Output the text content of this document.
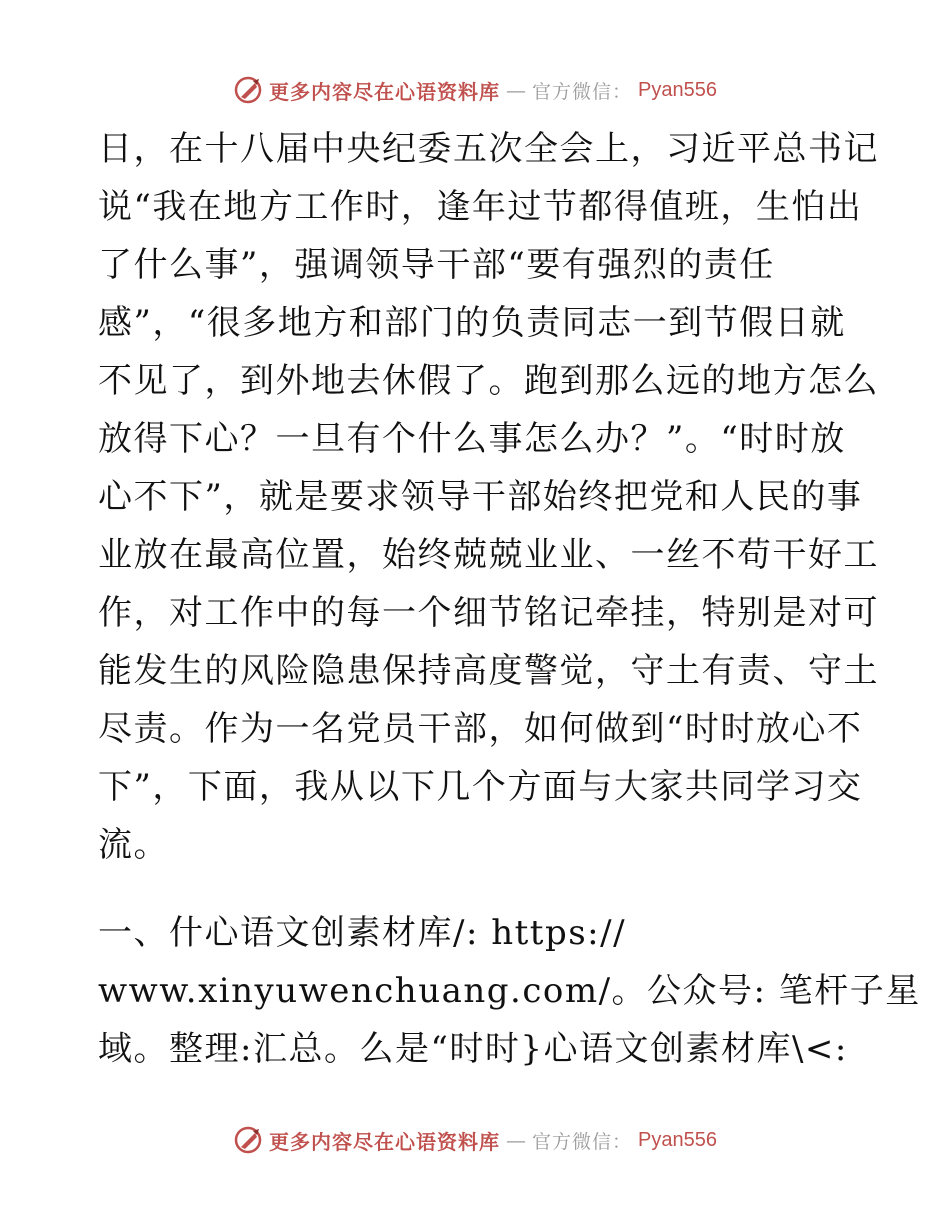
更多内容尽在心语资料库 — 官方微信： Pyan556
日，在十八届中央纪委五次全会上，习近平总书记
说“我在地方工作时，逢年过节都得值班，生怕出
了什么事”，强调领导干部“要有强烈的责任
感”，“很多地方和部门的负责同志一到节假日就
不见了，到外地去休假了。跑到那么远的地方怎么
放得下心？一旦有个什么事怎么办？”。“时时放
心不下”，就是要求领导干部始终把党和人民的事
业放在最高位置，始终兢兢业业、一丝不苟干好工
作，对工作中的每一个细节铭记牵挂，特别是对可
能发生的风险隐患保持高度警觉，守土有责、守土
尽责。作为一名党员干部，如何做到“时时放心不
下”，下面，我从以下几个方面与大家共同学习交
流。
一、什心语文创素材库/: https://
www.xinyuwenchuang.com/。公众号: 笔杆子星
域。整理:汇总。么是“时时}心语文创素材库\<:
更多内容尽在心语资料库 — 官方微信： Pyan556
